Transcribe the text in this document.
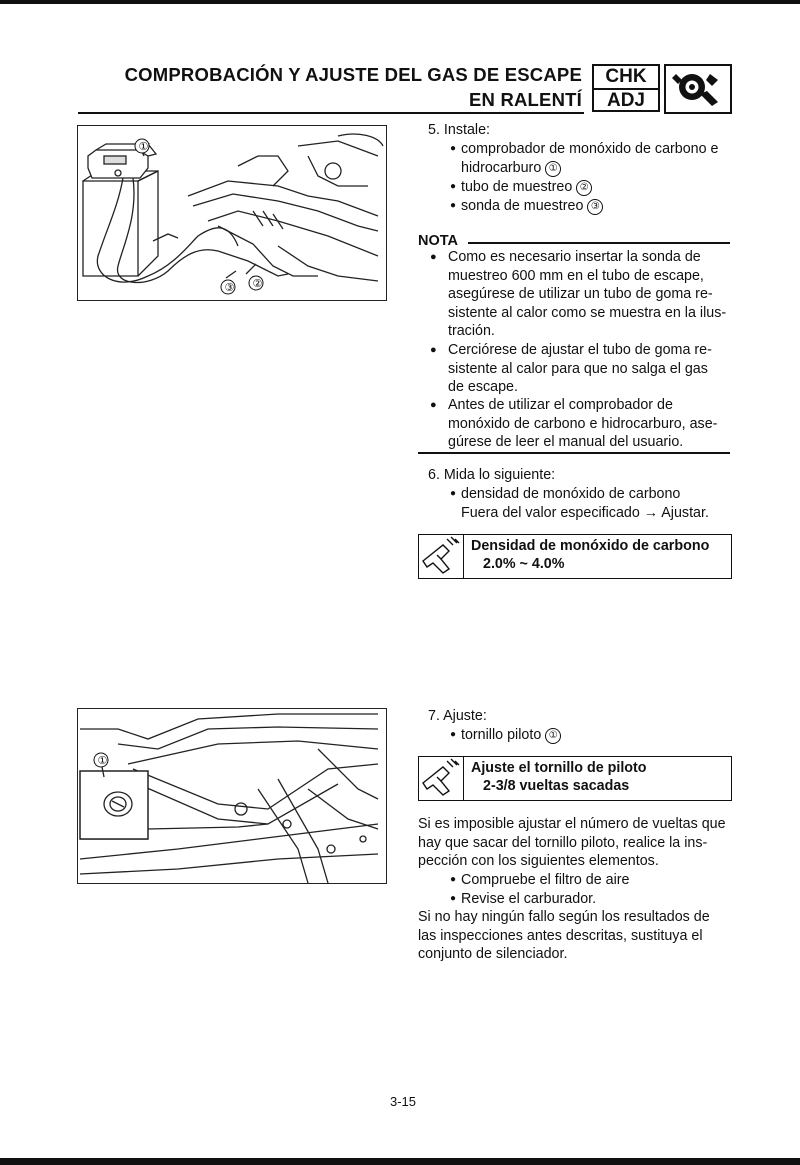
COMPROBACIÓN Y AJUSTE DEL GAS DE ESCAPE
EN RALENTÍ
CHK
ADJ
①
②
③
5. Instale:
● comprobador de monóxido de carbono e
hidrocarburo ①
● tubo de muestreo ②
● sonda de muestreo ③
NOTA
● Como es necesario insertar la sonda de
muestreo 600 mm en el tubo de escape,
asegúrese de utilizar un tubo de goma re-
sistente al calor como se muestra en la ilus-
tración.
● Cerciórese de ajustar el tubo de goma re-
sistente al calor para que no salga el gas
de escape.
● Antes de utilizar el comprobador de
monóxido de carbono e hidrocarburo, ase-
gúrese de leer el manual del usuario.
6. Mida lo siguiente:
● densidad de monóxido de carbono
Fuera del valor especificado → Ajustar.
Densidad de monóxido de carbono
2.0% ~ 4.0%
①
7. Ajuste:
● tornillo piloto ①
Ajuste el tornillo de piloto
2-3/8 vueltas sacadas
Si es imposible ajustar el número de vueltas que
hay que sacar del tornillo piloto, realice la ins-
pección con los siguientes elementos.
● Compruebe el filtro de aire
● Revise el carburador.
Si no hay ningún fallo según los resultados de
las inspecciones antes descritas, sustituya el
conjunto de silenciador.
3-15
